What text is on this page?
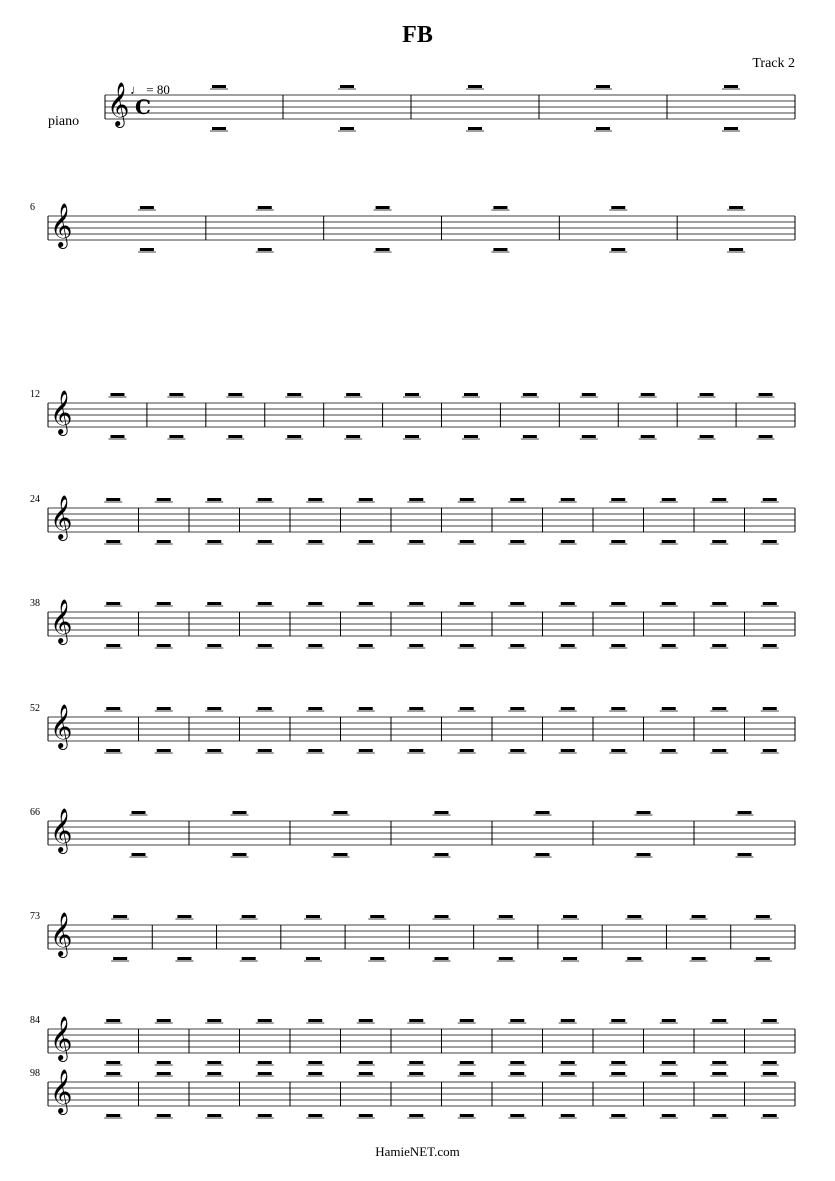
FB
Track 2
♩ = 80
piano 𝄞 C
𝄞
6
𝄞
12
𝄞
24
𝄞
38
𝄞
52
𝄞
66
𝄞
73
𝄞
84
𝄞
98
HamieNET.com
